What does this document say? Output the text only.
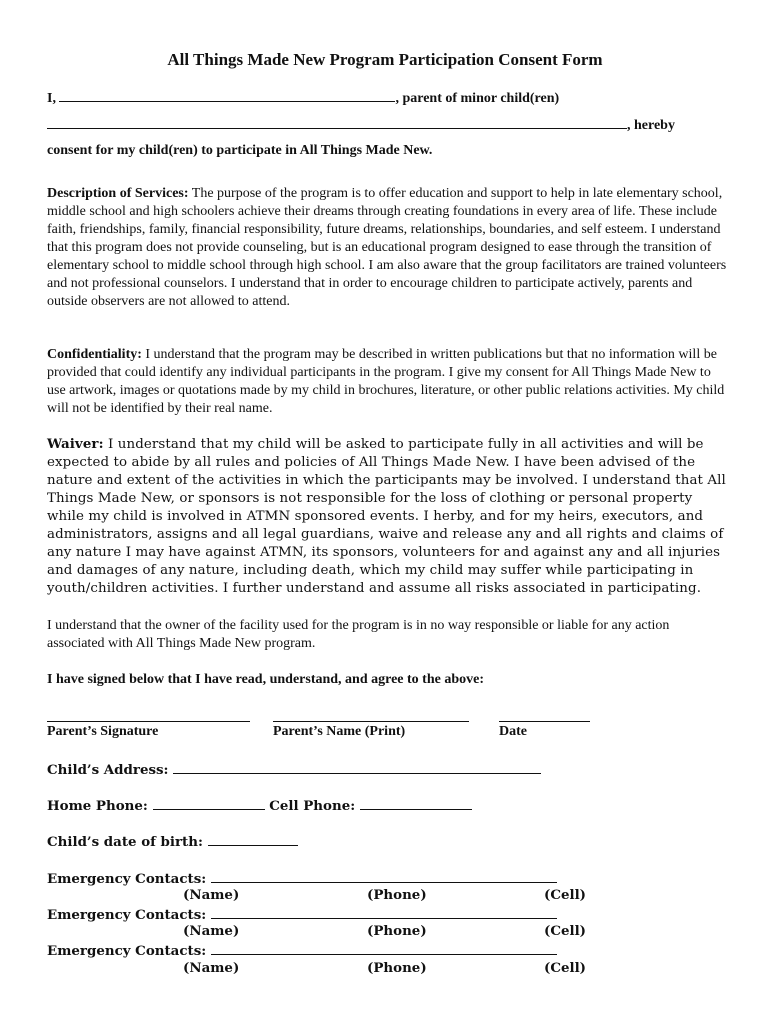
All Things Made New Program Participation Consent Form
I,	, parent of minor child(ren)
, hereby
consent for my child(ren) to participate in All Things Made New.
Description of Services: The purpose of the program is to offer education and support to help in late elementary school, middle school and high schoolers achieve their dreams through creating foundations in every area of life. These include faith, friendships, family, financial responsibility, future dreams, relationships, boundaries, and self esteem. I understand that this program does not provide counseling, but is an educational program designed to ease through the transition of elementary school to middle school through high school. I am also aware that the group facilitators are trained volunteers and not professional counselors. I understand that in order to encourage children to participate actively, parents and outside observers are not allowed to attend.
Confidentiality: I understand that the program may be described in written publications but that no information will be provided that could identify any individual participants in the program. I give my consent for All Things Made New to use artwork, images or quotations made by my child in brochures, literature, or other public relations activities. My child will not be identified by their real name.
Waiver: I understand that my child will be asked to participate fully in all activities and will be expected to abide by all rules and policies of All Things Made New. I have been advised of the nature and extent of the activities in which the participants may be involved. I understand that All Things Made New, or sponsors is not responsible for the loss of clothing or personal property while my child is involved in ATMN sponsored events. I herby, and for my heirs, executors, and administrators, assigns and all legal guardians, waive and release any and all rights and claims of any nature I may have against ATMN, its sponsors, volunteers for and against any and all injuries and damages of any nature, including death, which my child may suffer while participating in youth/children activities. I further understand and assume all risks associated in participating.
I understand that the owner of the facility used for the program is in no way responsible or liable for any action associated with All Things Made New program.
I have signed below that I have read, understand, and agree to the above:
Parent’s Signature	Parent’s Name (Print)	Date
Child’s Address:
Home Phone:	Cell Phone:
Child’s date of birth:
Emergency Contacts:
(Name)	(Phone)	(Cell)
Emergency Contacts:
(Name)	(Phone)	(Cell)
Emergency Contacts:
(Name)	(Phone)	(Cell)
